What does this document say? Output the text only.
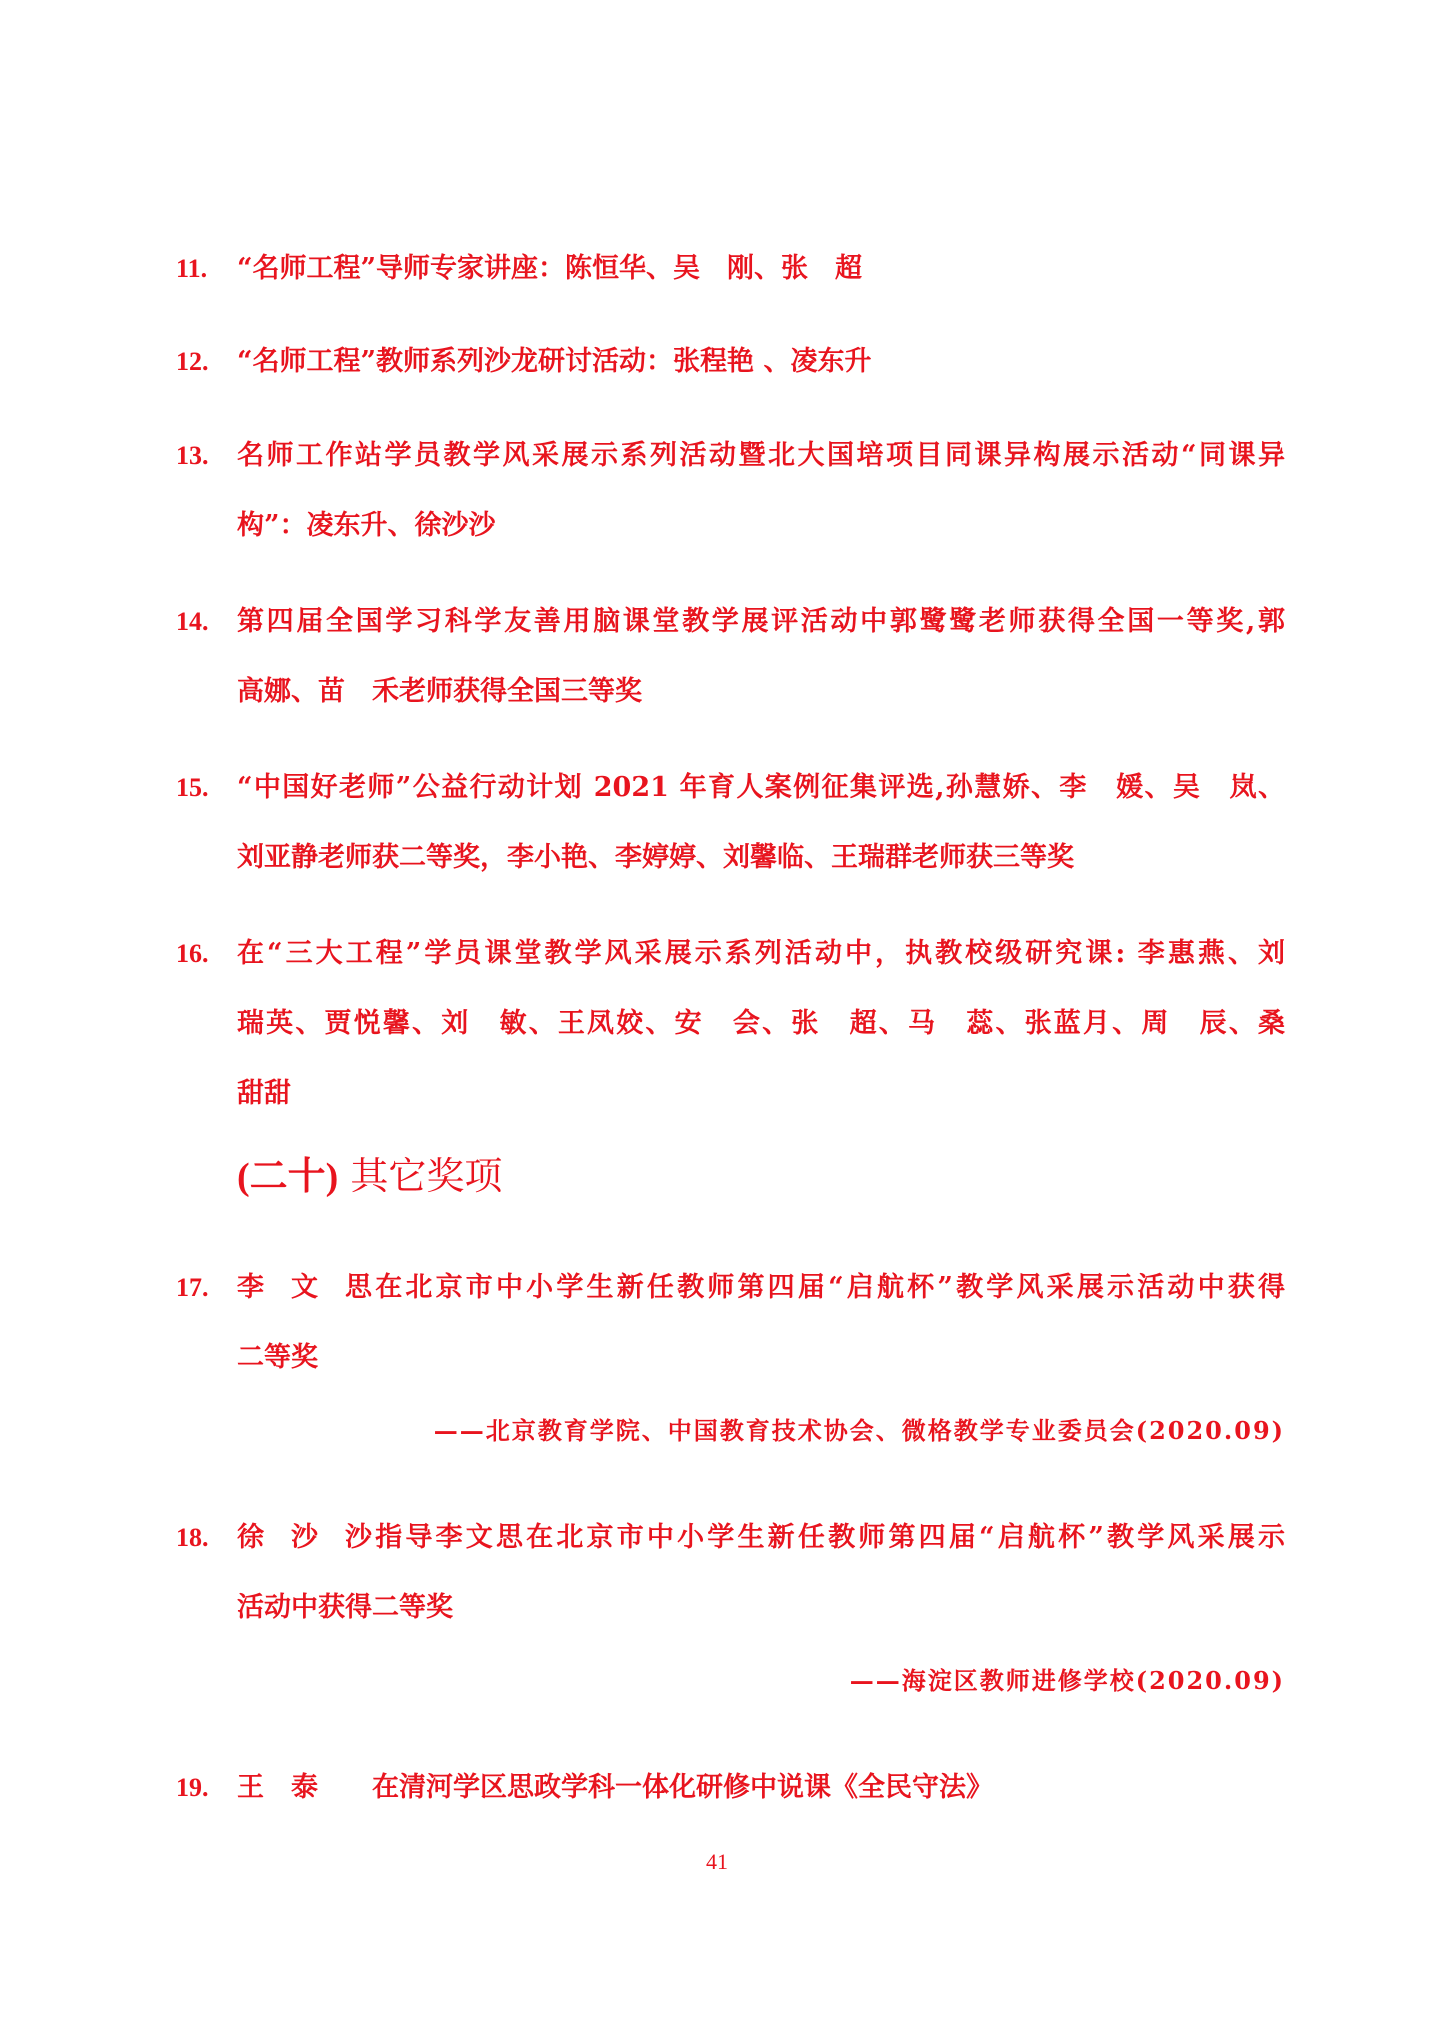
11. “名师工程”导师专家讲座：陈恒华、吴　刚、张　超
12. “名师工程”教师系列沙龙研讨活动：张程艳 、凌东升
13. 名师工作站学员教学风采展示系列活动暨北大国培项目同课异构展示活动“同课异
构”：凌东升、徐沙沙
14. 第四届全国学习科学友善用脑课堂教学展评活动中郭鹭鹭老师获得全国一等奖,郭
高娜、苗　禾老师获得全国三等奖
15. “中国好老师”公益行动计划 2021 年育人案例征集评选,孙慧娇、李　媛、吴　岚、
刘亚静老师获二等奖，李小艳、李婷婷、刘馨临、王瑞群老师获三等奖
16. 在“三大工程”学员课堂教学风采展示系列活动中，执教校级研究课: 李惠燕、刘
瑞英、贾悦馨、刘　敏、王凤姣、安　会、张　超、马　蕊、张蓝月、周　辰、桑
甜甜
(二十) 其它奖项
17. 李文思在北京市中小学生新任教师第四届“启航杯”教学风采展示活动中获得
二等奖
——北京教育学院、中国教育技术协会、微格教学专业委员会(2020.09)
18. 徐沙沙指导李文思在北京市中小学生新任教师第四届“启航杯”教学风采展示
活动中获得二等奖
——海淀区教师进修学校(2020.09)
19. 王　泰 在清河学区思政学科一体化研修中说课《全民守法》
41
